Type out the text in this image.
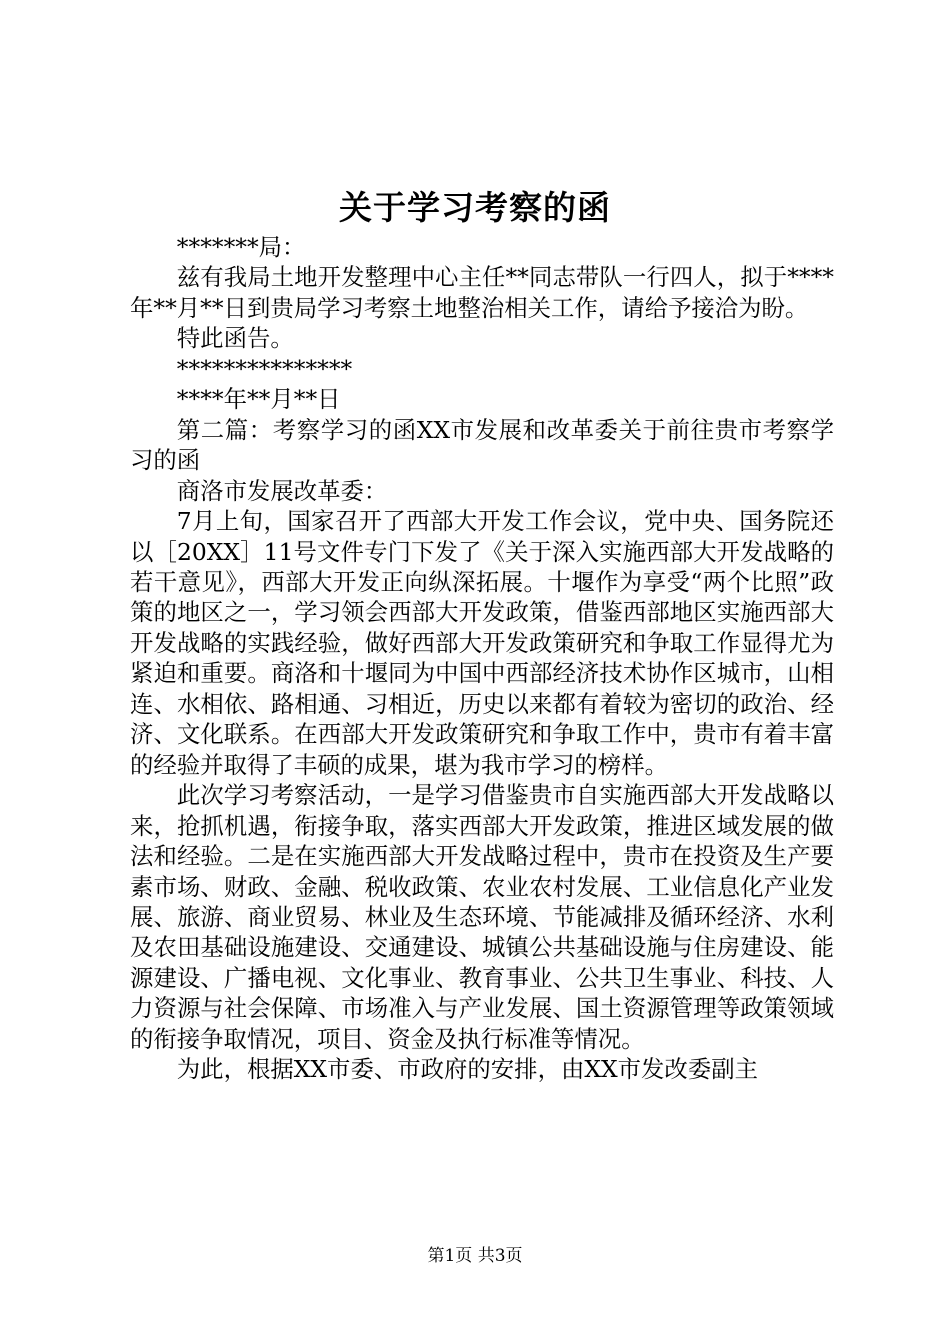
关于学习考察的函

*******局：

兹有我局土地开发整理中心主任**同志带队一行四人，拟于****年**月**日到贵局学习考察土地整治相关工作，请给予接洽为盼。

特此函告。

***************

****年**月**日

第二篇：考察学习的函XX市发展和改革委关于前往贵市考察学习的函

商洛市发展改革委：

7月上旬，国家召开了西部大开发工作会议，党中央、国务院还以［20XX］11号文件专门下发了《关于深入实施西部大开发战略的若干意见》，西部大开发正向纵深拓展。十堰作为享受“两个比照”政策的地区之一，学习领会西部大开发政策，借鉴西部地区实施西部大开发战略的实践经验，做好西部大开发政策研究和争取工作显得尤为紧迫和重要。商洛和十堰同为中国中西部经济技术协作区城市，山相连、水相依、路相通、习相近，历史以来都有着较为密切的政治、经济、文化联系。在西部大开发政策研究和争取工作中，贵市有着丰富的经验并取得了丰硕的成果，堪为我市学习的榜样。

此次学习考察活动，一是学习借鉴贵市自实施西部大开发战略以来，抢抓机遇，衔接争取，落实西部大开发政策，推进区域发展的做法和经验。二是在实施西部大开发战略过程中，贵市在投资及生产要素市场、财政、金融、税收政策、农业农村发展、工业信息化产业发展、旅游、商业贸易、林业及生态环境、节能减排及循环经济、水利及农田基础设施建设、交通建设、城镇公共基础设施与住房建设、能源建设、广播电视、文化事业、教育事业、公共卫生事业、科技、人力资源与社会保障、市场准入与产业发展、国土资源管理等政策领域的衔接争取情况，项目、资金及执行标准等情况。

为此，根据XX市委、市政府的安排，由XX市发改委副主

第1页 共3页
